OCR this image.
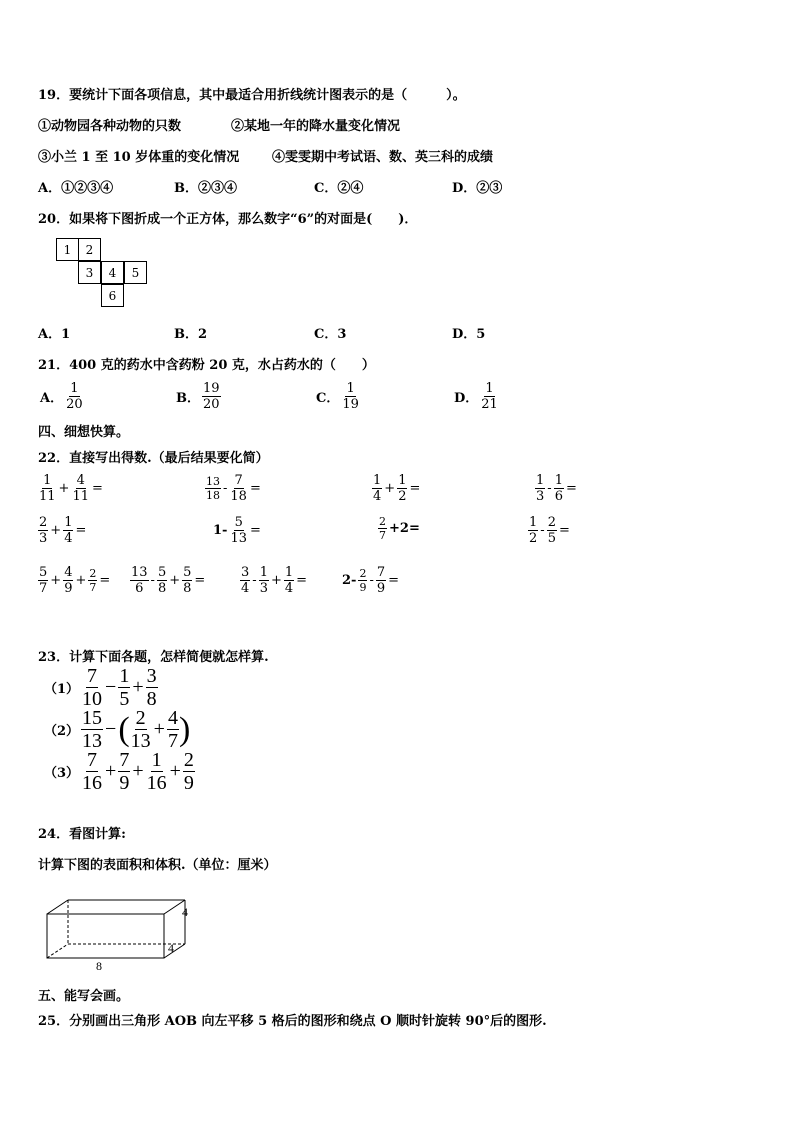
19．要统计下面各项信息，其中最适合用折线统计图表示的是（　　　）。
①动物园各种动物的只数	②某地一年的降水量变化情况
③小兰 1 至 10 岁体重的变化情况	④雯雯期中考试语、数、英三科的成绩
A．①②③④	B．②③④	C．②④	D．②③
20．如果将下图折成一个正方体，那么数字“6”的对面是(　　)．
1	2
3	4	5
6
A．1	B．2	C．3	D．5
21．400 克的药水中含药粉 20 克，水占药水的（　　）
A． $\frac{1}{20}$	B． $\frac{19}{20}$	C． $\frac{1}{19}$	D． $\frac{1}{21}$
四、细想快算。
22．直接写出得数.（最后结果要化简）
$\frac{1}{11} + \frac{4}{11}$ =	$\frac{13}{18} - \frac{7}{18}$ =	$\frac{1}{4} + \frac{1}{2}$ =	$\frac{1}{3} - \frac{1}{6}$ =
$\frac{2}{3} + \frac{1}{4}$ =	$1- \frac{5}{13}$ =	$\frac{2}{7} +2=$	$\frac{1}{2} - \frac{2}{5}$ =
$\frac{5}{7} + \frac{4}{9} + \frac{2}{7} = \frac{13}{6} - \frac{5}{8} + \frac{5}{8}$ =	$\frac{3}{4} - \frac{1}{3} + \frac{1}{4}$ =	$2- \frac{2}{9} - \frac{7}{9}$ =
23．计算下面各题，怎样简便就怎样算.
$(1) \frac{7}{10} - \frac{1}{5} + \frac{3}{8}$
$(2) \frac{15}{13}$ −( $\frac{2}{13} + \frac{4}{7}$ )
$(3) \frac{7}{16} + \frac{7}{9} + \frac{1}{16} + \frac{2}{9}$
24．看图计算:
计算下图的表面积和体积.（单位：厘米）
4
4
8
五、能写会画。
25．分别画出三角形 AOB 向左平移 5 格后的图形和绕点 O 顺时针旋转 90°后的图形.
